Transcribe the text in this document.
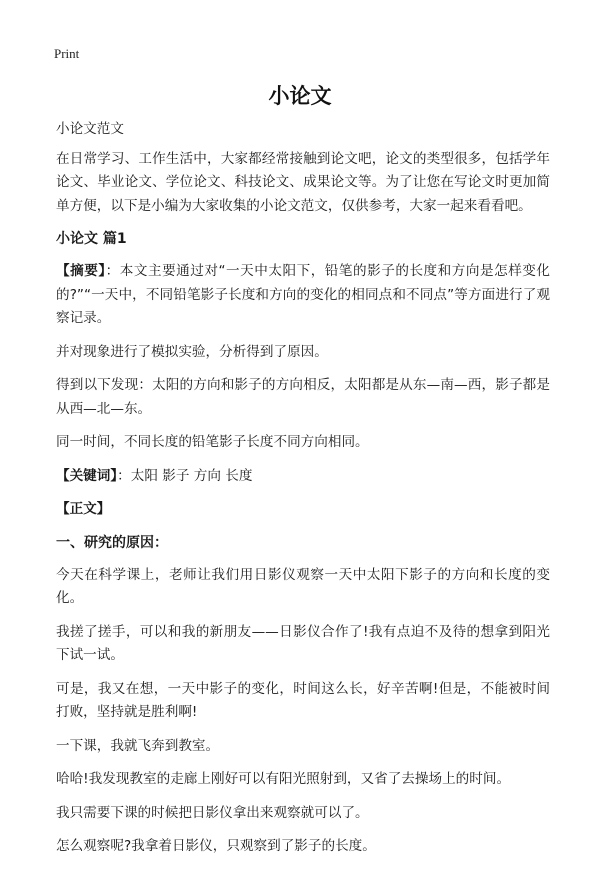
Print
小论文

小论文范文

在日常学习、工作生活中，大家都经常接触到论文吧，论文的类型很多，包括学年论文、毕业论文、学位论文、科技论文、成果论文等。为了让您在写论文时更加简单方便，以下是小编为大家收集的小论文范文，仅供参考，大家一起来看看吧。

小论文 篇1

【摘要】：本文主要通过对“一天中太阳下，铅笔的影子的长度和方向是怎样变化的?”“一天中，不同铅笔影子长度和方向的变化的相同点和不同点”等方面进行了观察记录。

并对现象进行了模拟实验，分析得到了原因。

得到以下发现：太阳的方向和影子的方向相反，太阳都是从东—南—西，影子都是从西—北—东。

同一时间，不同长度的铅笔影子长度不同方向相同。

【关键词】：太阳 影子 方向 长度

【正文】

一、研究的原因：

今天在科学课上，老师让我们用日影仪观察一天中太阳下影子的方向和长度的变化。

我搓了搓手，可以和我的新朋友——日影仪合作了!我有点迫不及待的想拿到阳光下试一试。

可是，我又在想，一天中影子的变化，时间这么长，好辛苦啊!但是，不能被时间打败，坚持就是胜利啊!

一下课，我就飞奔到教室。

哈哈!我发现教室的走廊上刚好可以有阳光照射到，又省了去操场上的时间。

我只需要下课的时候把日影仪拿出来观察就可以了。

怎么观察呢?我拿着日影仪，只观察到了影子的长度。
